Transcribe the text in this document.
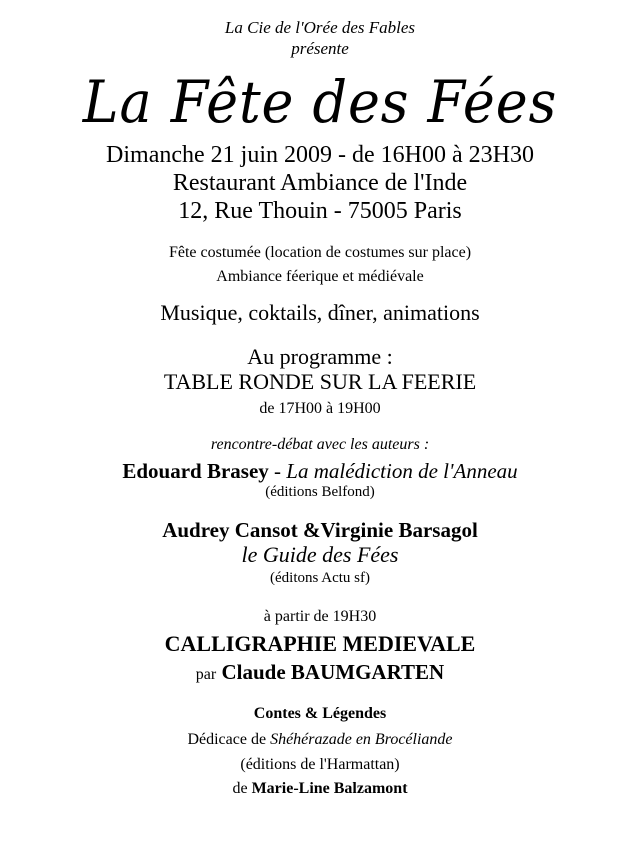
La Cie de l'Orée des Fables
présente
La Fête des Fées
Dimanche 21 juin 2009 - de 16H00 à 23H30
Restaurant Ambiance de l'Inde
12, Rue Thouin - 75005 Paris
Fête costumée (location de costumes sur place)
Ambiance féerique et médiévale
Musique, coktails, dîner, animations
Au programme :
TABLE RONDE SUR LA FEERIE
de 17H00 à 19H00
rencontre-débat avec les auteurs :
Edouard Brasey - La malédiction de l'Anneau
(éditions Belfond)
Audrey Cansot &Virginie Barsagol
le Guide des Fées
(éditons Actu sf)
à partir de 19H30
CALLIGRAPHIE MEDIEVALE
par Claude BAUMGARTEN
Contes & Légendes
Dédicace de Shéhérazade en Brocéliande
(éditions de l'Harmattan)
de Marie-Line Balzamont
